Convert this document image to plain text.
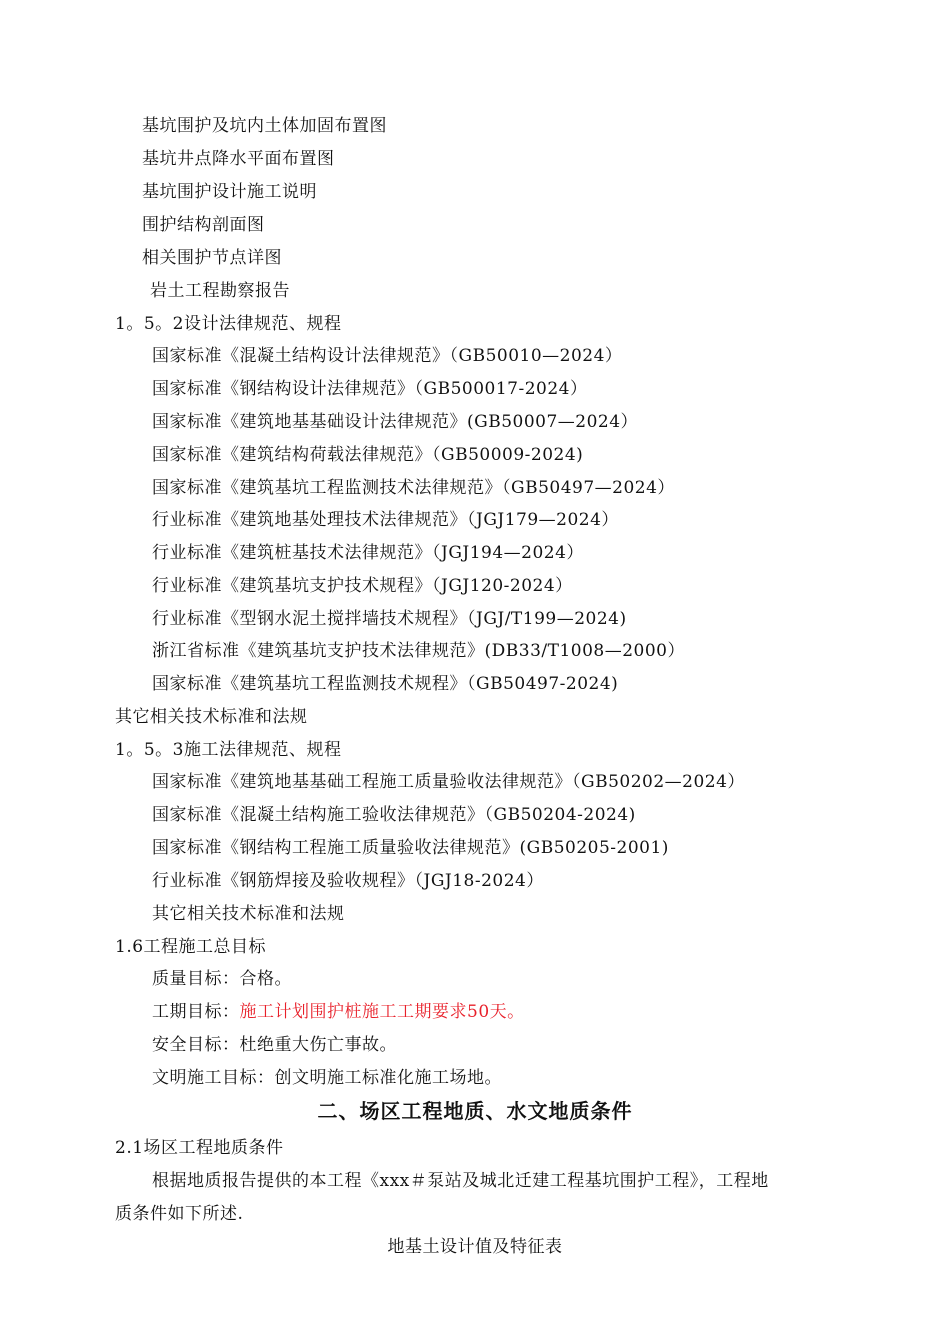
基坑围护及坑内土体加固布置图
基坑井点降水平面布置图
基坑围护设计施工说明
围护结构剖面图
相关围护节点详图
岩土工程勘察报告
1。5。2设计法律规范、规程
国家标准《混凝土结构设计法律规范》（GB50010—2024）
国家标准《钢结构设计法律规范》（GB500017-2024）
国家标准《建筑地基基础设计法律规范》(GB50007—2024）
国家标准《建筑结构荷载法律规范》（GB50009-2024)
国家标准《建筑基坑工程监测技术法律规范》（GB50497—2024）
行业标准《建筑地基处理技术法律规范》（JGJ179—2024）
行业标准《建筑桩基技术法律规范》（JGJ194—2024）
行业标准《建筑基坑支护技术规程》（JGJ120-2024）
行业标准《型钢水泥土搅拌墙技术规程》（JGJ/T199—2024)
浙江省标准《建筑基坑支护技术法律规范》(DB33/T1008—2000）
国家标准《建筑基坑工程监测技术规程》（GB50497-2024)
其它相关技术标准和法规
1。5。3施工法律规范、规程
国家标准《建筑地基基础工程施工质量验收法律规范》（GB50202—2024）
国家标准《混凝土结构施工验收法律规范》（GB50204-2024)
国家标准《钢结构工程施工质量验收法律规范》(GB50205-2001)
行业标准《钢筋焊接及验收规程》（JGJ18-2024）
其它相关技术标准和法规
1.6工程施工总目标
质量目标：合格。
工期目标：施工计划围护桩施工工期要求50天。
安全目标：杜绝重大伤亡事故。
文明施工目标：创文明施工标准化施工场地。
二、场区工程地质、水文地质条件
2.1场区工程地质条件
根据地质报告提供的本工程《xxx＃泵站及城北迁建工程基坑围护工程》，工程地
质条件如下所述.
地基土设计值及特征表
